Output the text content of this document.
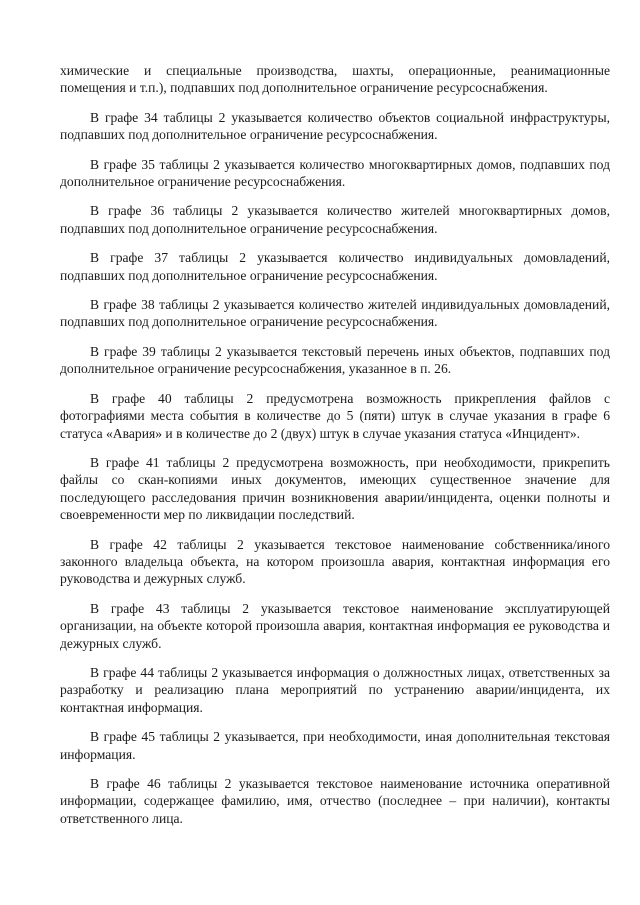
химические и специальные производства, шахты, операционные, реанимационные помещения и т.п.), подпавших под дополнительное ограничение ресурсоснабжения.

В графе 34 таблицы 2 указывается количество объектов социальной инфраструктуры, подпавших под дополнительное ограничение ресурсоснабжения.

В графе 35 таблицы 2 указывается количество многоквартирных домов, подпавших под дополнительное ограничение ресурсоснабжения.

В графе 36 таблицы 2 указывается количество жителей многоквартирных домов, подпавших под дополнительное ограничение ресурсоснабжения.

В графе 37 таблицы 2 указывается количество индивидуальных домовладений, подпавших под дополнительное ограничение ресурсоснабжения.

В графе 38 таблицы 2 указывается количество жителей индивидуальных домовладений, подпавших под дополнительное ограничение ресурсоснабжения.

В графе 39 таблицы 2 указывается текстовый перечень иных объектов, подпавших под дополнительное ограничение ресурсоснабжения, указанное в п. 26.

В графе 40 таблицы 2 предусмотрена возможность прикрепления файлов с фотографиями места события в количестве до 5 (пяти) штук в случае указания в графе 6 статуса «Авария» и в количестве до 2 (двух) штук в случае указания статуса «Инцидент».

В графе 41 таблицы 2 предусмотрена возможность, при необходимости, прикрепить файлы со скан-копиями иных документов, имеющих существенное значение для последующего расследования причин возникновения аварии/инцидента, оценки полноты и своевременности мер по ликвидации последствий.

В графе 42 таблицы 2 указывается текстовое наименование собственника/иного законного владельца объекта, на котором произошла авария, контактная информация его руководства и дежурных служб.

В графе 43 таблицы 2 указывается текстовое наименование эксплуатирующей организации, на объекте которой произошла авария, контактная информация ее руководства и дежурных служб.

В графе 44 таблицы 2 указывается информация о должностных лицах, ответственных за разработку и реализацию плана мероприятий по устранению аварии/инцидента, их контактная информация.

В графе 45 таблицы 2 указывается, при необходимости, иная дополнительная текстовая информация.

В графе 46 таблицы 2 указывается текстовое наименование источника оперативной информации, содержащее фамилию, имя, отчество (последнее – при наличии), контакты ответственного лица.
